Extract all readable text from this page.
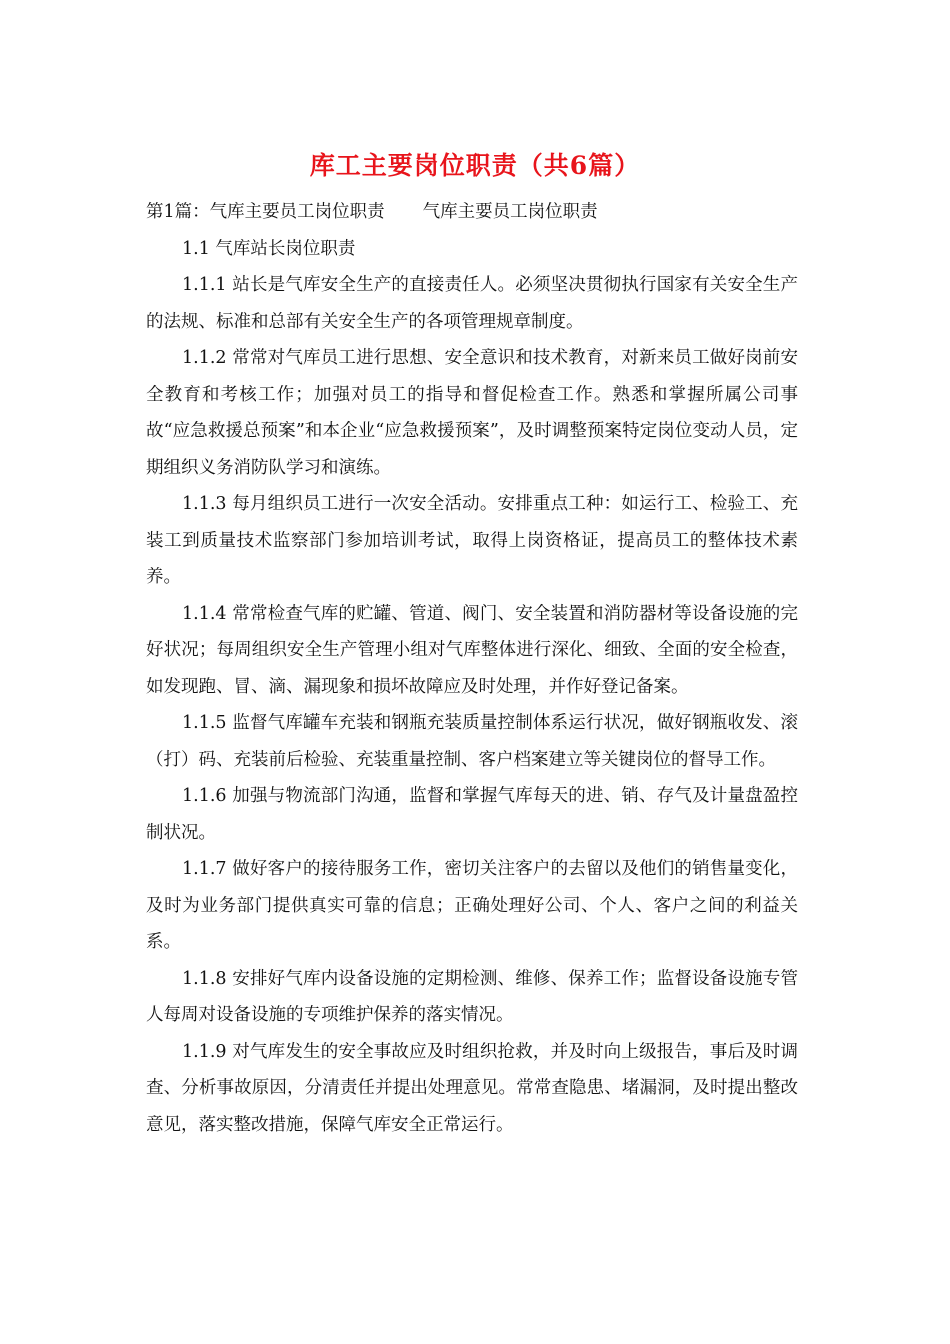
库工主要岗位职责（共6篇）

第1篇：气库主要员工岗位职责 气库主要员工岗位职责

1.1 气库站长岗位职责

1.1.1 站长是气库安全生产的直接责任人。必须坚决贯彻执行国家有关安全生产的法规、标准和总部有关安全生产的各项管理规章制度。

1.1.2 常常对气库员工进行思想、安全意识和技术教育，对新来员工做好岗前安全教育和考核工作；加强对员工的指导和督促检查工作。熟悉和掌握所属公司事故“应急救援总预案”和本企业“应急救援预案”，及时调整预案特定岗位变动人员，定期组织义务消防队学习和演练。

1.1.3 每月组织员工进行一次安全活动。安排重点工种：如运行工、检验工、充装工到质量技术监察部门参加培训考试，取得上岗资格证，提高员工的整体技术素养。

1.1.4 常常检查气库的贮罐、管道、阀门、安全装置和消防器材等设备设施的完好状况；每周组织安全生产管理小组对气库整体进行深化、细致、全面的安全检查，如发现跑、冒、滴、漏现象和损坏故障应及时处理，并作好登记备案。

1.1.5 监督气库罐车充装和钢瓶充装质量控制体系运行状况，做好钢瓶收发、滚（打）码、充装前后检验、充装重量控制、客户档案建立等关键岗位的督导工作。

1.1.6 加强与物流部门沟通，监督和掌握气库每天的进、销、存气及计量盘盈控制状况。

1.1.7 做好客户的接待服务工作，密切关注客户的去留以及他们的销售量变化，及时为业务部门提供真实可靠的信息；正确处理好公司、个人、客户之间的利益关系。

1.1.8 安排好气库内设备设施的定期检测、维修、保养工作；监督设备设施专管人每周对设备设施的专项维护保养的落实情况。

1.1.9 对气库发生的安全事故应及时组织抢救，并及时向上级报告，事后及时调查、分析事故原因，分清责任并提出处理意见。常常查隐患、堵漏洞，及时提出整改意见，落实整改措施，保障气库安全正常运行。
